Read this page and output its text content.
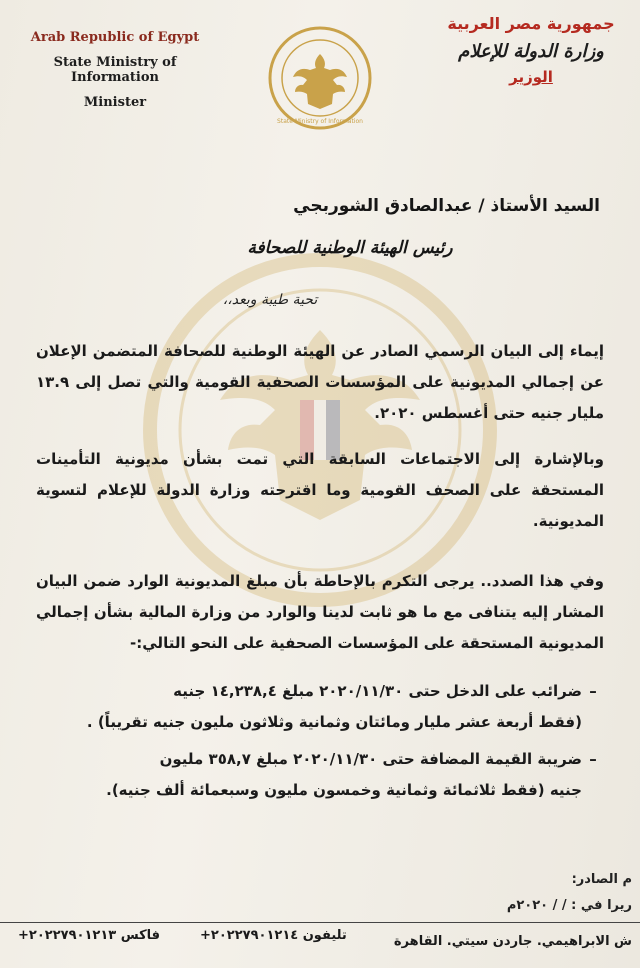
Arab Republic of Egypt
State Ministry of Information
Minister
State Ministry of Information
جمهورية مصر العربية
وزارة الدولة للإعلام
الوزير
السيد الأستاذ / عبدالصادق الشوربجي
رئيس الهيئة الوطنية للصحافة
تحية طيبة وبعد،،
إيماء إلى البيان الرسمي الصادر عن الهيئة الوطنية للصحافة المتضمن الإعلان عن إجمالي المديونية على المؤسسات الصحفية القومية والتي تصل إلى ١٣.٩ مليار جنيه حتى أغسطس ٢٠٢٠.
وبالإشارة إلى الاجتماعات السابقة التي تمت بشأن مديونية التأمينات المستحقة على الصحف القومية وما اقترحته وزارة الدولة للإعلام لتسوية المديونية.
وفي هذا الصدد.. يرجى التكرم بالإحاطة بأن مبلغ المديونية الوارد ضمن البيان المشار إليه يتنافى مع ما هو ثابت لدينا والوارد من وزارة المالية بشأن إجمالي المديونية المستحقة على المؤسسات الصحفية على النحو التالي:-
–ضرائب على الدخل حتى ٢٠٢٠/١١/٣٠ مبلغ ١٤,٢٣٨,٤ جنيه
(فقط أربعة عشر مليار ومائتان وثمانية وثلاثون مليون جنيه تقريباً) .
–ضريبة القيمة المضافة حتى ٢٠٢٠/١١/٣٠ مبلغ ٣٥٨,٧ مليون
جنيه (فقط ثلاثمائة وثمانية وخمسون مليون وسبعمائة ألف جنيه).
م الصادر:
ريرا في : / / ٢٠٢٠م
ش الابراهيمي. جاردن سيتي. القاهرة
تليفون ٢٠٢٢٧٩٠١٢١٤+
فاكس ٢٠٢٢٧٩٠١٢١٣+
